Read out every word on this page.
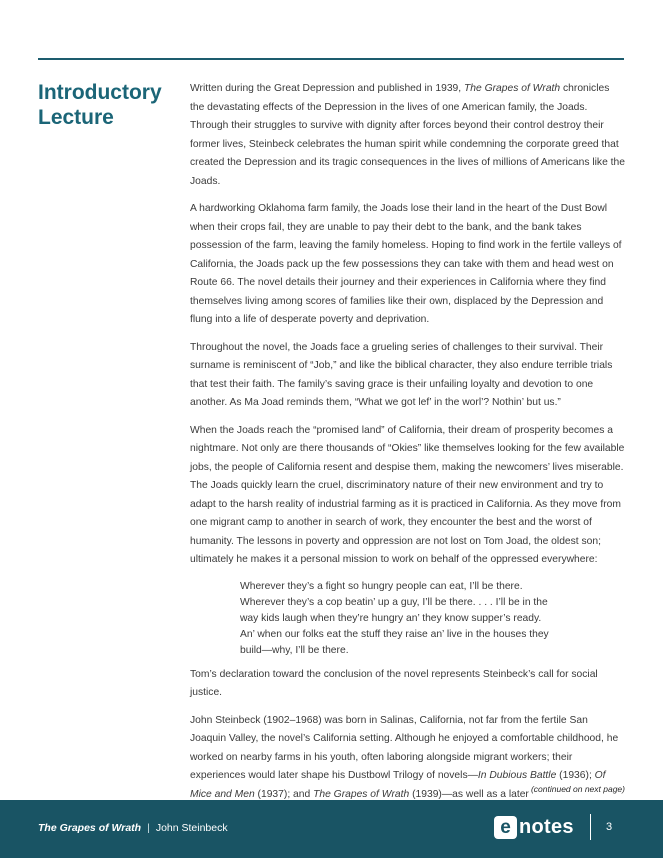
Introductory
Lecture

Written during the Great Depression and published in 1939, The Grapes of Wrath chronicles the devastating effects of the Depression in the lives of one American family, the Joads. Through their struggles to survive with dignity after forces beyond their control destroy their former lives, Steinbeck celebrates the human spirit while condemning the corporate greed that created the Depression and its tragic consequences in the lives of millions of Americans like the Joads.

A hardworking Oklahoma farm family, the Joads lose their land in the heart of the Dust Bowl when their crops fail, they are unable to pay their debt to the bank, and the bank takes possession of the farm, leaving the family homeless. Hoping to find work in the fertile valleys of California, the Joads pack up the few possessions they can take with them and head west on Route 66. The novel details their journey and their experiences in California where they find themselves living among scores of families like their own, displaced by the Depression and flung into a life of desperate poverty and deprivation.

Throughout the novel, the Joads face a grueling series of challenges to their survival. Their surname is reminiscent of “Job,” and like the biblical character, they also endure terrible trials that test their faith. The family’s saving grace is their unfailing loyalty and devotion to one another. As Ma Joad reminds them, “What we got lef’ in the worl’? Nothin’ but us.”

When the Joads reach the “promised land” of California, their dream of prosperity becomes a nightmare. Not only are there thousands of “Okies” like themselves looking for the few available jobs, the people of California resent and despise them, making the newcomers’ lives miserable. The Joads quickly learn the cruel, discriminatory nature of their new environment and try to adapt to the harsh reality of industrial farming as it is practiced in California. As they move from one migrant camp to another in search of work, they encounter the best and the worst of humanity. The lessons in poverty and oppression are not lost on Tom Joad, the oldest son; ultimately he makes it a personal mission to work on behalf of the oppressed everywhere:

Wherever they’s a fight so hungry people can eat, I’ll be there.
Wherever they’s a cop beatin’ up a guy, I’ll be there. . . . I’ll be in the
way kids laugh when they’re hungry an’ they know supper’s ready.
An’ when our folks eat the stuff they raise an’ live in the houses they
build—why, I’ll be there.

Tom’s declaration toward the conclusion of the novel represents Steinbeck’s call for social justice.

John Steinbeck (1902–1968) was born in Salinas, California, not far from the fertile San Joaquin Valley, the novel’s California setting. Although he enjoyed a comfortable childhood, he worked on nearby farms in his youth, often laboring alongside migrant workers; their experiences would later shape his Dustbowl Trilogy of novels—In Dubious Battle (1936); Of Mice and Men (1937); and The Grapes of Wrath (1939)—as well as a later (continued on next page)
The Grapes of Wrath | John Steinbeck	e notes	3
